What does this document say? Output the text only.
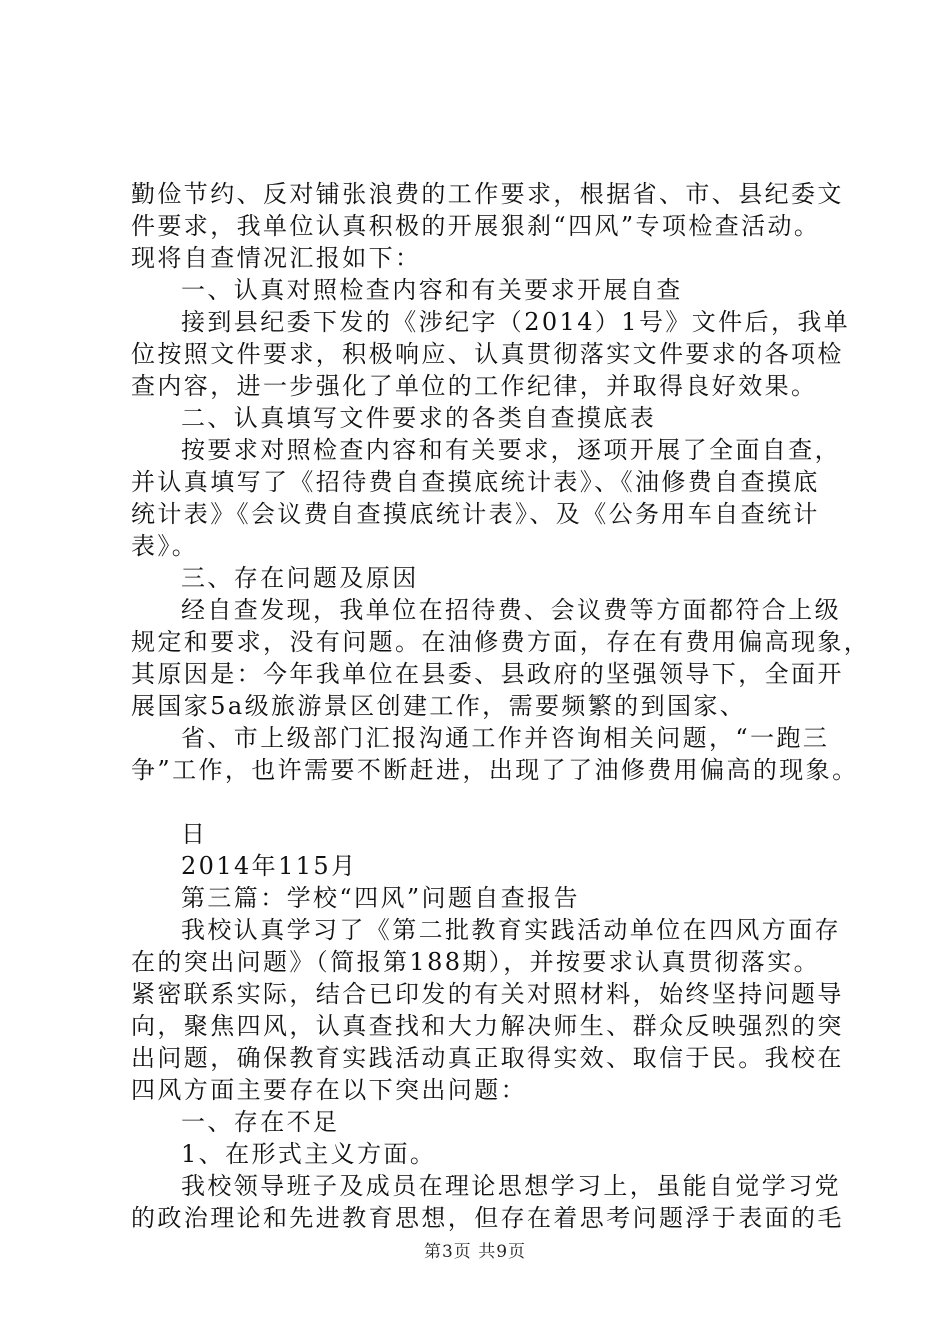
勤俭节约、反对铺张浪费的工作要求，根据省、市、县纪委文
件要求，我单位认真积极的开展狠刹“四风”专项检查活动。
现将自查情况汇报如下：
一、认真对照检查内容和有关要求开展自查
接到县纪委下发的《涉纪字（2014）1号》文件后，我单
位按照文件要求，积极响应、认真贯彻落实文件要求的各项检
查内容，进一步强化了单位的工作纪律，并取得良好效果。
二、认真填写文件要求的各类自查摸底表
按要求对照检查内容和有关要求，逐项开展了全面自查，
并认真填写了《招待费自查摸底统计表》、《油修费自查摸底
统计表》《会议费自查摸底统计表》、及《公务用车自查统计
表》。
三、存在问题及原因
经自查发现，我单位在招待费、会议费等方面都符合上级
规定和要求，没有问题。在油修费方面，存在有费用偏高现象，
其原因是：今年我单位在县委、县政府的坚强领导下，全面开
展国家5a级旅游景区创建工作，需要频繁的到国家、
省、市上级部门汇报沟通工作并咨询相关问题，“一跑三
争”工作，也许需要不断赶进，出现了了油修费用偏高的现象。
日
2014年115月
第三篇：学校“四风”问题自查报告
我校认真学习了《第二批教育实践活动单位在四风方面存
在的突出问题》（简报第188期），并按要求认真贯彻落实。
紧密联系实际，结合已印发的有关对照材料，始终坚持问题导
向，聚焦四风，认真查找和大力解决师生、群众反映强烈的突
出问题，确保教育实践活动真正取得实效、取信于民。我校在
四风方面主要存在以下突出问题：
一、存在不足
1、在形式主义方面。
我校领导班子及成员在理论思想学习上，虽能自觉学习党
的政治理论和先进教育思想，但存在着思考问题浮于表面的毛
第3页 共9页
